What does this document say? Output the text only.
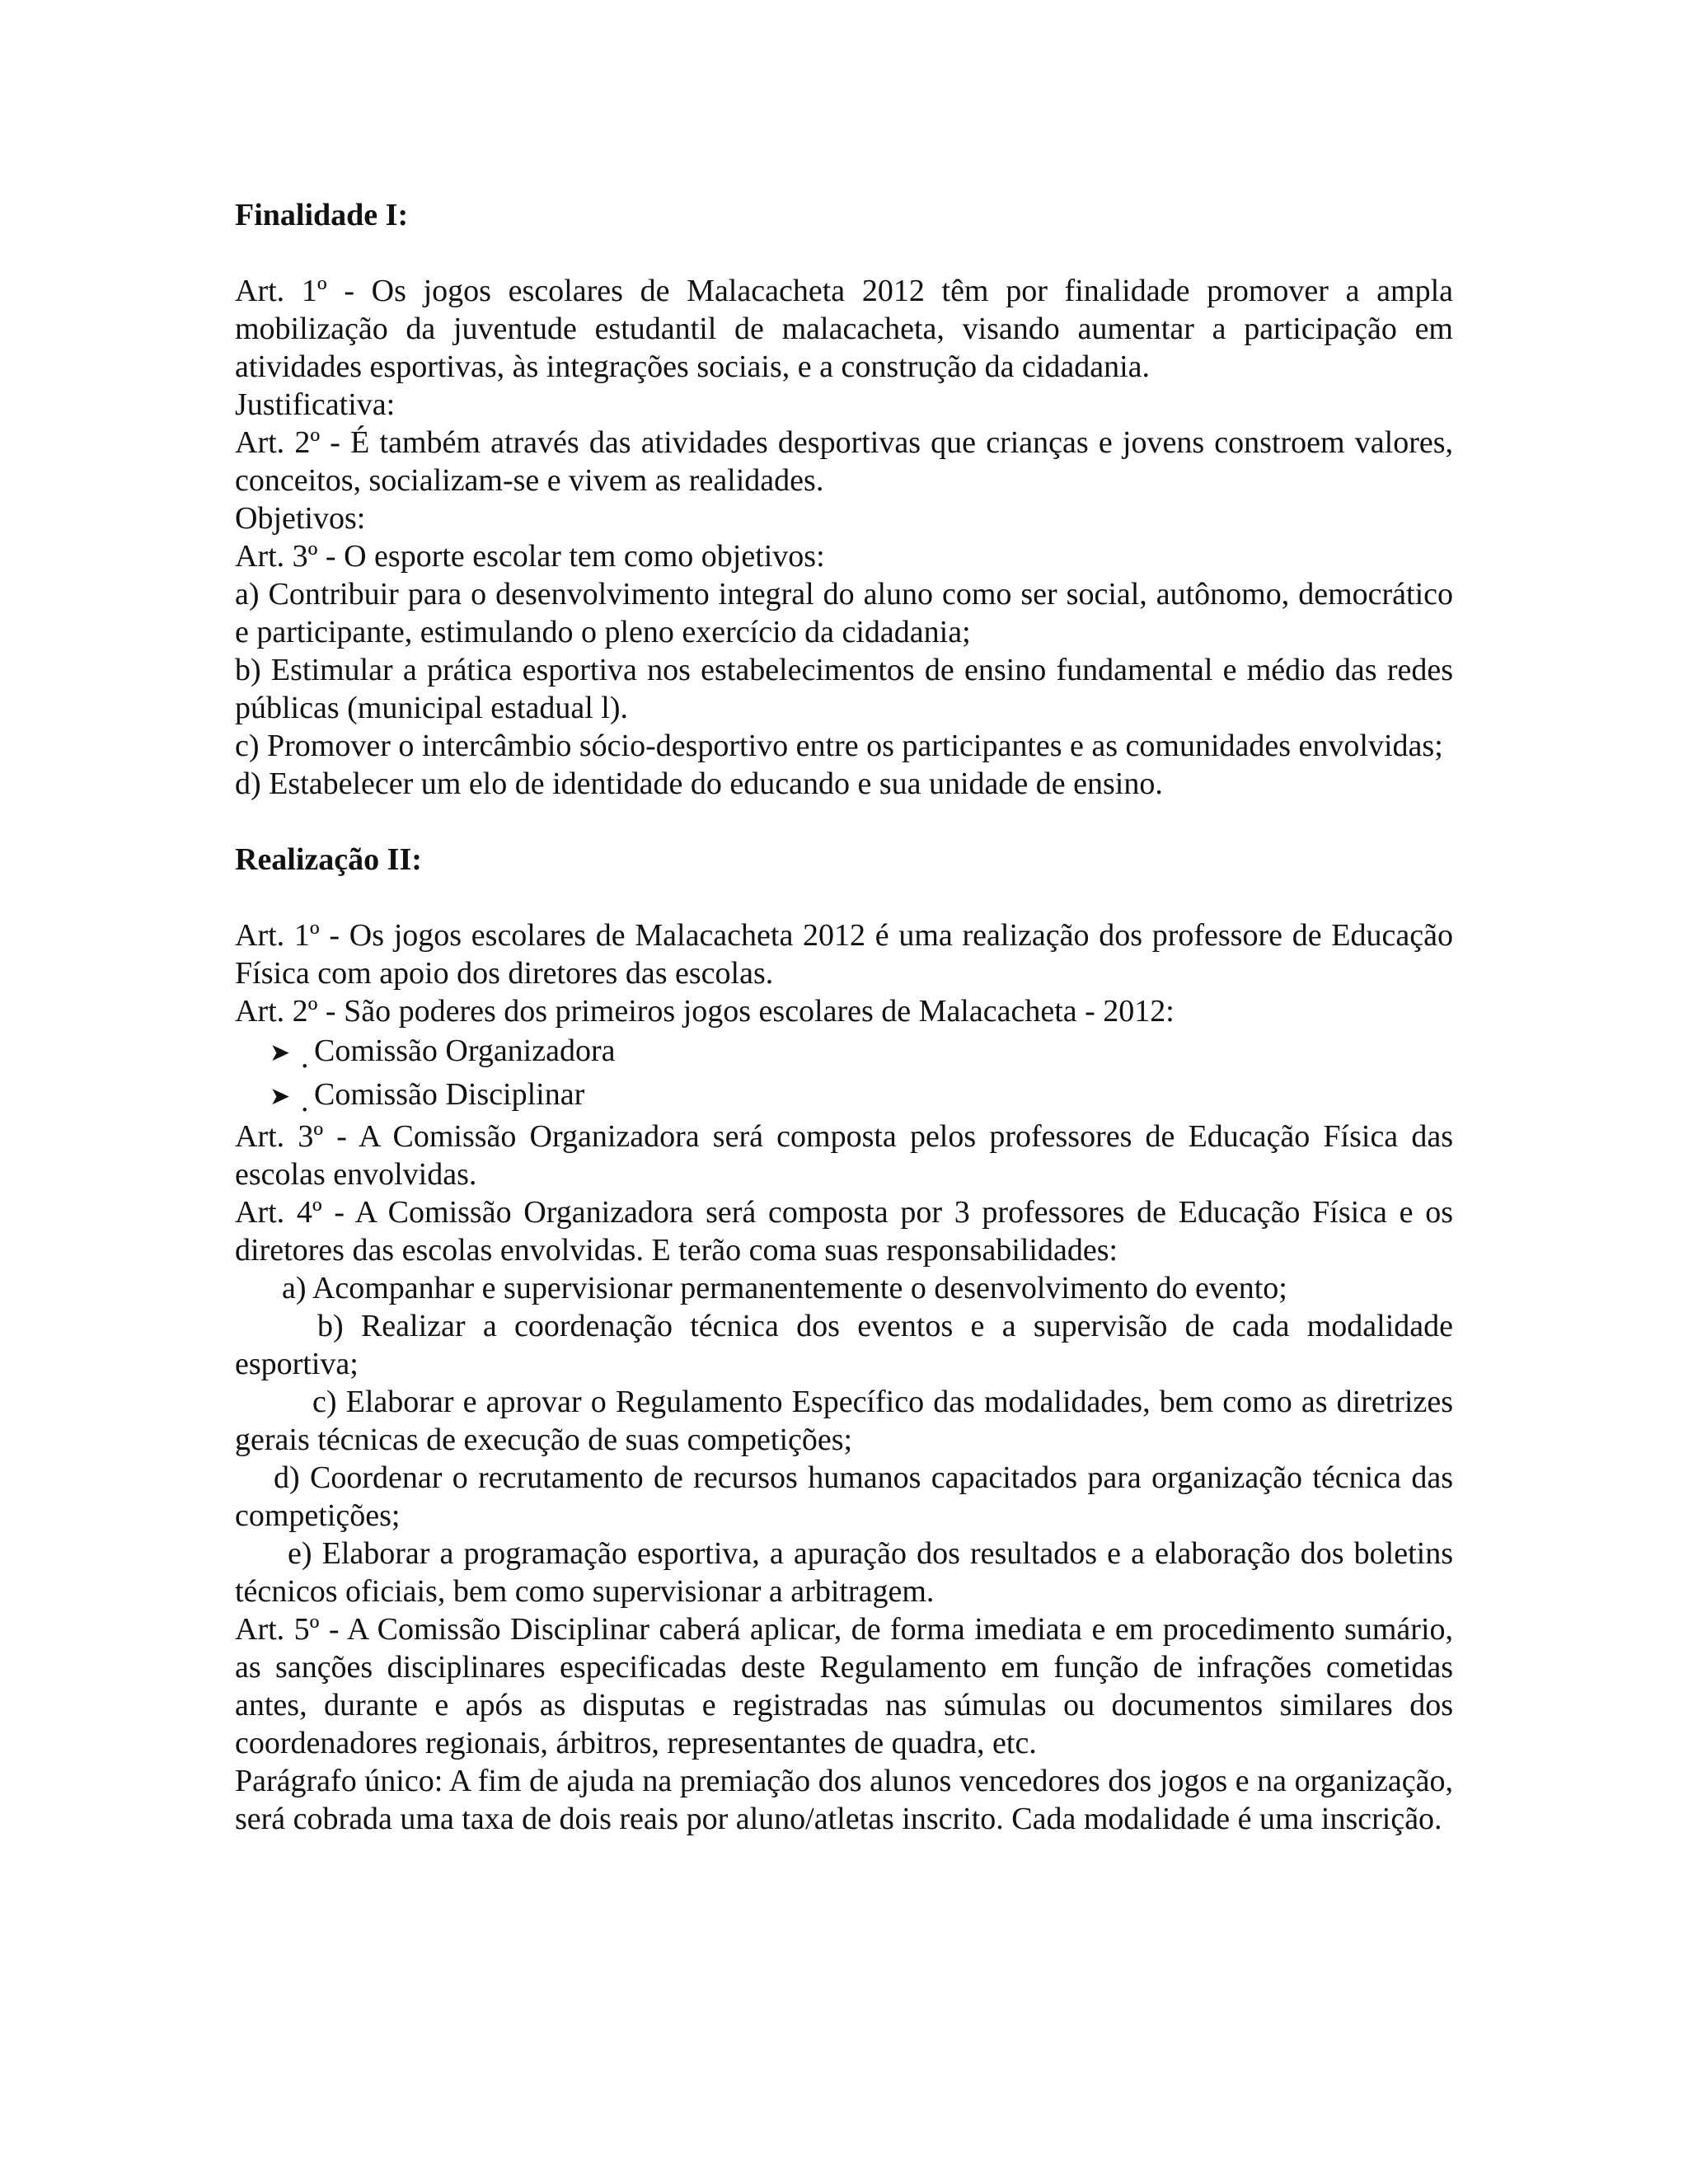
Finalidade I:

Art. 1º - Os jogos escolares de Malacacheta 2012 têm por finalidade promover a ampla mobilização da juventude estudantil de malacacheta, visando aumentar a participação em atividades esportivas, às integrações sociais, e a construção da cidadania.

Justificativa:

Art. 2º - É também através das atividades desportivas que crianças e jovens constroem valores, conceitos, socializam-se e vivem as realidades.

Objetivos:

Art. 3º - O esporte escolar tem como objetivos:

a) Contribuir para o desenvolvimento integral do aluno como ser social, autônomo, democrático e participante, estimulando o pleno exercício da cidadania;

b) Estimular a prática esportiva nos estabelecimentos de ensino fundamental e médio das redes públicas (municipal estadual l).

c) Promover o intercâmbio sócio-desportivo entre os participantes e as comunidades envolvidas;

d) Estabelecer um elo de identidade do educando e sua unidade de ensino.

Realização II:

Art. 1º - Os jogos escolares de Malacacheta 2012 é uma realização dos professore de Educação Física com apoio dos diretores das escolas.

Art. 2º - São poderes dos primeiros jogos escolares de Malacacheta - 2012:

➤ . Comissão Organizadora
➤ . Comissão Disciplinar

Art. 3º - A Comissão Organizadora será composta pelos professores de Educação Física das escolas envolvidas.

Art. 4º - A Comissão Organizadora será composta por 3 professores de Educação Física e os diretores das escolas envolvidas. E terão coma suas responsabilidades:

a) Acompanhar e supervisionar permanentemente o desenvolvimento do evento;

b) Realizar a coordenação técnica dos eventos e a supervisão de cada modalidade esportiva;

c) Elaborar e aprovar o Regulamento Específico das modalidades, bem como as diretrizes gerais técnicas de execução de suas competições;

d) Coordenar o recrutamento de recursos humanos capacitados para organização técnica das competições;

e) Elaborar a programação esportiva, a apuração dos resultados e a elaboração dos boletins técnicos oficiais, bem como supervisionar a arbitragem.

Art. 5º - A Comissão Disciplinar caberá aplicar, de forma imediata e em procedimento sumário, as sanções disciplinares especificadas deste Regulamento em função de infrações cometidas antes, durante e após as disputas e registradas nas súmulas ou documentos similares dos coordenadores regionais, árbitros, representantes de quadra, etc.

Parágrafo único: A fim de ajuda na premiação dos alunos vencedores dos jogos e na organização, será cobrada uma taxa de dois reais por aluno/atletas inscrito. Cada modalidade é uma inscrição.
